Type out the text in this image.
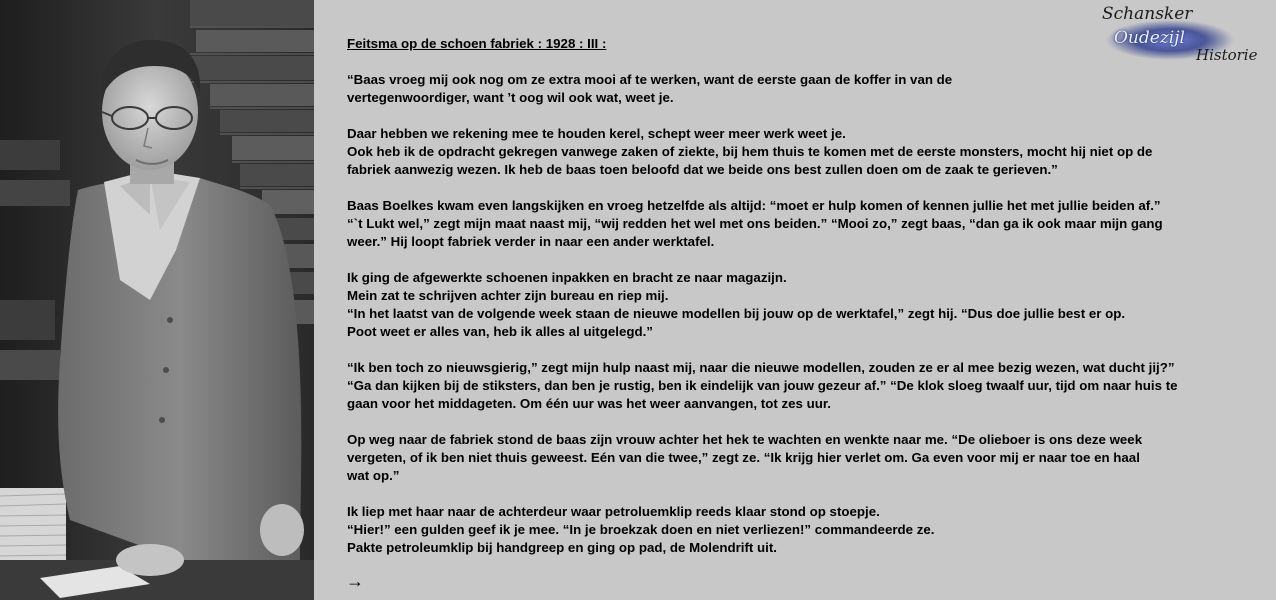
Schansker
Oudezijl
Historie
Feitsma op de schoen fabriek : 1928 : III :
“Baas vroeg mij ook nog om ze extra mooi af te werken, want de eerste gaan de koffer in van de
vertegenwoordiger, want ’t oog wil ook wat, weet je.
Daar hebben we rekening mee te houden kerel, schept weer meer werk weet je.
Ook heb ik de opdracht gekregen vanwege zaken of ziekte, bij hem thuis te komen met de eerste monsters, mocht hij niet op de
fabriek aanwezig wezen. Ik heb de baas toen beloofd dat we beide ons best zullen doen om de zaak te gerieven.”
Baas Boelkes kwam even langskijken en vroeg hetzelfde als altijd: “moet er hulp komen of kennen jullie het met jullie beiden af.”
“`t Lukt wel,” zegt mijn maat naast mij, “wij redden het wel met ons beiden.” “Mooi zo,” zegt baas, “dan ga ik ook maar mijn gang
weer.” Hij loopt fabriek verder in naar een ander werktafel.
Ik ging de afgewerkte schoenen inpakken en bracht ze naar magazijn.
Mein zat te schrijven achter zijn bureau en riep mij.
“In het laatst van de volgende week staan de nieuwe modellen bij jouw op de werktafel,” zegt hij. “Dus doe jullie best er op.
Poot weet er alles van, heb ik alles al uitgelegd.”
“Ik ben toch zo nieuwsgierig,” zegt mijn hulp naast mij, naar die nieuwe modellen, zouden ze er al mee bezig wezen, wat ducht jij?”
“Ga dan kijken bij de stiksters, dan ben je rustig, ben ik eindelijk van jouw gezeur af.” “De klok sloeg twaalf uur, tijd om naar huis te
gaan voor het middageten. Om één uur was het weer aanvangen, tot zes uur.
Op weg naar de fabriek stond de baas zijn vrouw achter het hek te wachten en wenkte naar me. “De olieboer is ons deze week
vergeten, of ik ben niet thuis geweest. Eén van die twee,” zegt ze. “Ik krijg hier verlet om. Ga even voor mij er naar toe en haal
wat op.”
Ik liep met haar naar de achterdeur waar petroluemklip reeds klaar stond op stoepje.
“Hier!” een gulden geef ik je mee. “In je broekzak doen en niet verliezen!” commandeerde ze.
Pakte petroleumklip bij handgreep en ging op pad, de Molendrift uit.
→
